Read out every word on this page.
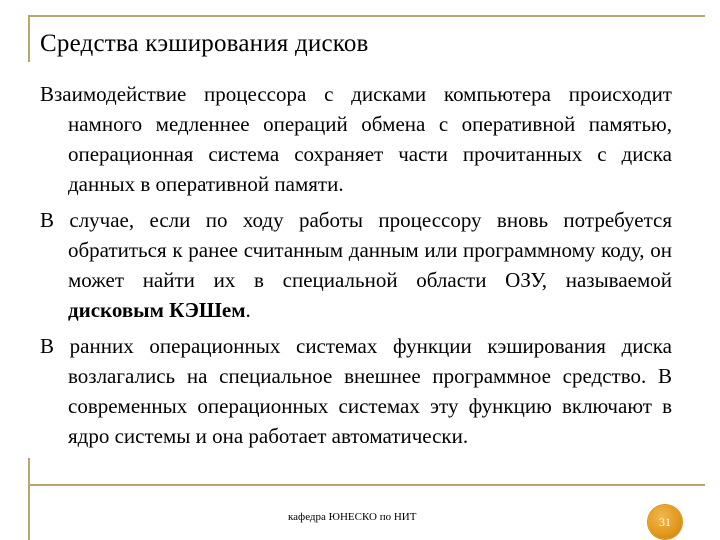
Средства кэширования дисков

Взаимодействие процессора с дисками компьютера происходит намного медленнее операций обмена с оперативной памятью, операционная система сохраняет части прочитанных с диска данных в оперативной памяти.

В случае, если по ходу работы процессору вновь потребуется обратиться к ранее считанным данным или программному коду, он может найти их в специальной области ОЗУ, называемой дисковым КЭШем.

В ранних операционных системах функции кэширования диска возлагались на специальное внешнее программное средство. В современных операционных системах эту функцию включают в ядро системы и она работает автоматически.

кафедра ЮНЕСКО по НИТ	31
